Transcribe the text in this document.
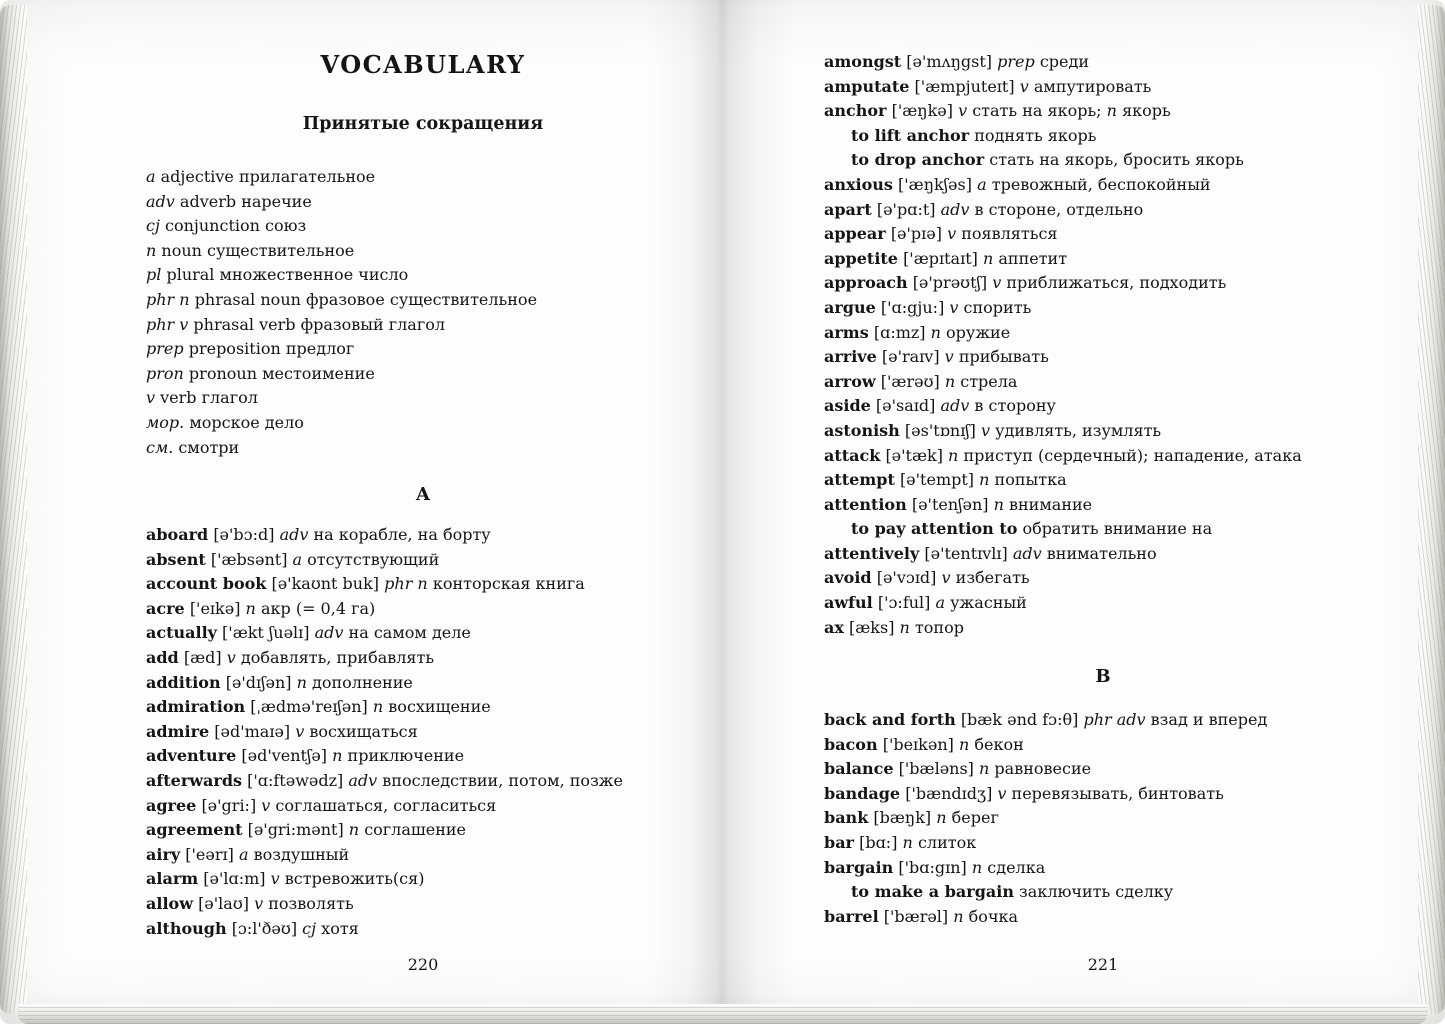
VOCABULARY
Принятые сокращения
a adjective прилагательное
adv adverb наречие
cj conjunction союз
n noun существительное
pl plural множественное число
phr n phrasal noun фразовое существительное
phr v phrasal verb фразовый глагол
prep preposition предлог
pron pronoun местоимение
v verb глагол
мор. морское дело
см. смотри
A
aboard [ə'bɔ:d] adv на корабле, на борту
absent ['æbsənt] a отсутствующий
account book [ə'kaʊnt buk] phr n конторская книга
acre ['eɪkə] n акр (= 0,4 га)
actually ['ækt ʃuəlɪ] adv на самом деле
add [æd] v добавлять, прибавлять
addition [ə'dɪʃən] n дополнение
admiration [ˌædmə'reɪʃən] n восхищение
admire [əd'maɪə] v восхищаться
adventure [əd'ventʃə] n приключение
afterwards ['ɑ:ftəwədz] adv впоследствии, потом, позже
agree [ə'gri:] v соглашаться, согласиться
agreement [ə'gri:mənt] n соглашение
airy ['eərɪ] a воздушный
alarm [ə'lɑ:m] v встревожить(ся)
allow [ə'laʊ] v позволять
although [ɔ:l'ðəʊ] cj хотя
220
amongst [ə'mʌŋgst] prep среди
amputate ['æmpjuteɪt] v ампутировать
anchor ['æŋkə] v стать на якорь; n якорь
to lift anchor поднять якорь
to drop anchor стать на якорь, бросить якорь
anxious ['æŋkʃəs] a тревожный, беспокойный
apart [ə'pɑ:t] adv в стороне, отдельно
appear [ə'pɪə] v появляться
appetite ['æpɪtaɪt] n аппетит
approach [ə'prəʊtʃ] v приближаться, подходить
argue ['ɑ:gju:] v спорить
arms [ɑ:mz] n оружие
arrive [ə'raɪv] v прибывать
arrow ['ærəʊ] n стрела
aside [ə'saɪd] adv в сторону
astonish [əs'tɒnɪʃ] v удивлять, изумлять
attack [ə'tæk] n приступ (сердечный); нападение, атака
attempt [ə'tempt] n попытка
attention [ə'tenʃən] n внимание
to pay attention to обратить внимание на
attentively [ə'tentɪvlɪ] adv внимательно
avoid [ə'vɔɪd] v избегать
awful ['ɔ:ful] a ужасный
ax [æks] n топор
B
back and forth [bæk ənd fɔ:θ] phr adv взад и вперед
bacon ['beɪkən] n бекон
balance ['bæləns] n равновесие
bandage ['bændɪdʒ] v перевязывать, бинтовать
bank [bæŋk] n берег
bar [bɑ:] n слиток
bargain ['bɑ:gɪn] n сделка
to make a bargain заключить сделку
barrel ['bærəl] n бочка
221
